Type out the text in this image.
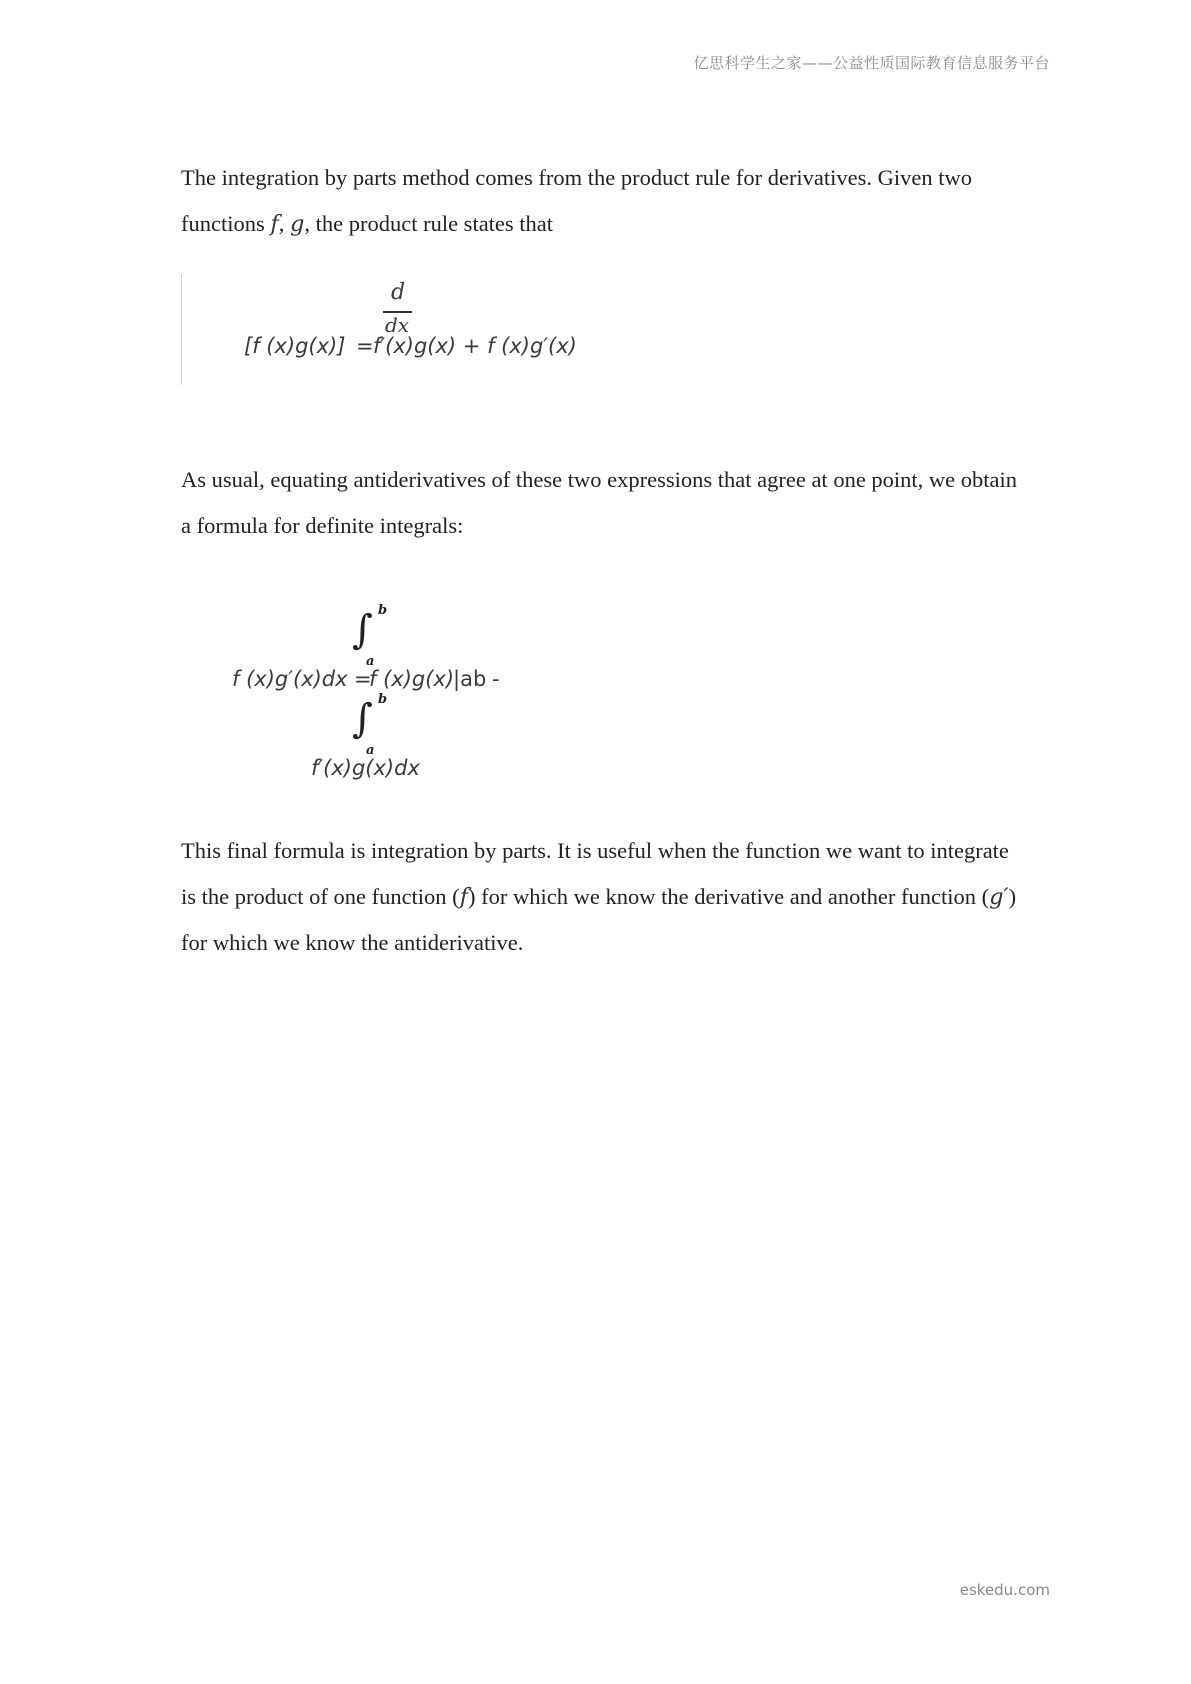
亿思科学生之家——公益性质国际教育信息服务平台

The integration by parts method comes from the product rule for derivatives. Given two functions f, g, the product rule states that

d
dx
[f (x)g(x)] = f′(x)g(x) + f (x)g′(x)

As usual, equating antiderivatives of these two expressions that agree at one point, we obtain a formula for definite integrals:

b
∫
a
f (x)g′(x)dx =
f (x)g(x)
|ab -
b
∫
a
f′(x)g(x)dx

This final formula is integration by parts. It is useful when the function we want to integrate is the product of one function (f) for which we know the derivative and another function (g′) for which we know the antiderivative.

eskedu.com
